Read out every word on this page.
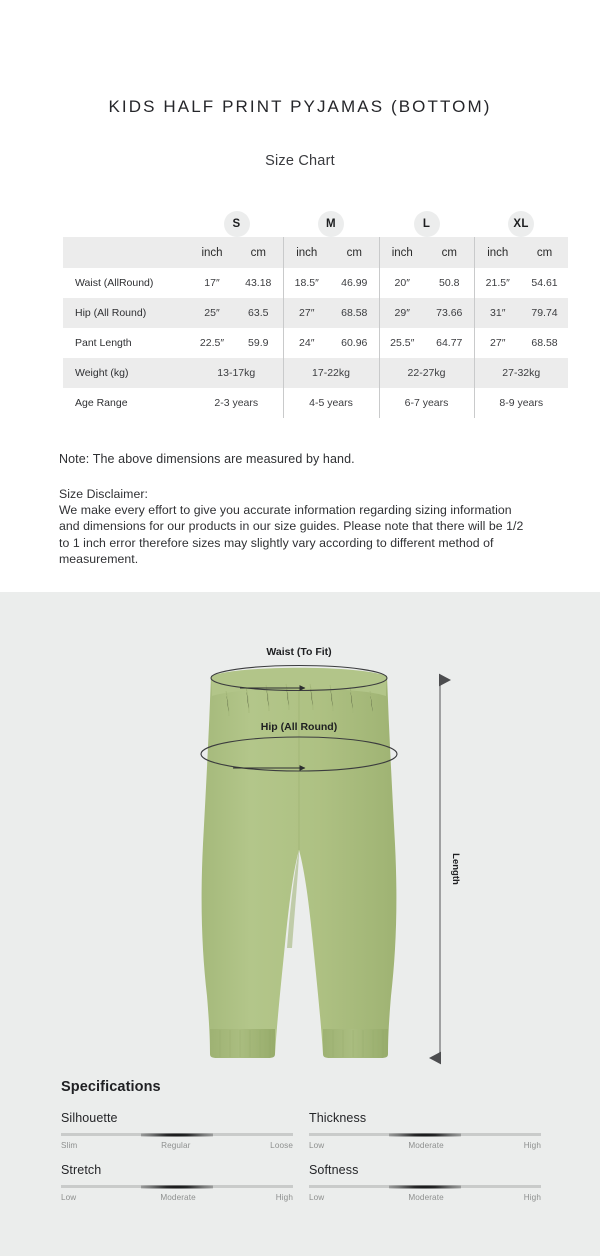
KIDS HALF PRINT PYJAMAS (BOTTOM)
Size Chart

S		M		L		XL	

	inch	cm	inch	cm	inch	cm	inch	cm
Waist (AllRound)	17″	43.18	18.5″	46.99	20″	50.8	21.5″	54.61
Hip (All Round)	25″	63.5	27″	68.58	29″	73.66	31″	79.74
Pant Length	22.5″	59.9	24″	60.96	25.5″	64.77	27″	68.58
Weight (kg)	13-17kg		17-22kg		22-27kg		27-32kg	
Age Range	2-3 years		4-5 years		6-7 years		8-9 years	
Note: The above dimensions are measured by hand.
Size Disclaimer:
We make every effort to give you accurate information regarding sizing information and dimensions for our products in our size guides. Please note that there will be 1/2 to 1 inch error therefore sizes may slightly vary according to different method of measurement.
Waist (To Fit)
Hip (All Round)
Length
Specifications
Silhouette
Slim	Regular	Loose
Thickness
Low	Moderate	High
Stretch
Low	Moderate	High
Softness
Low	Moderate	High
